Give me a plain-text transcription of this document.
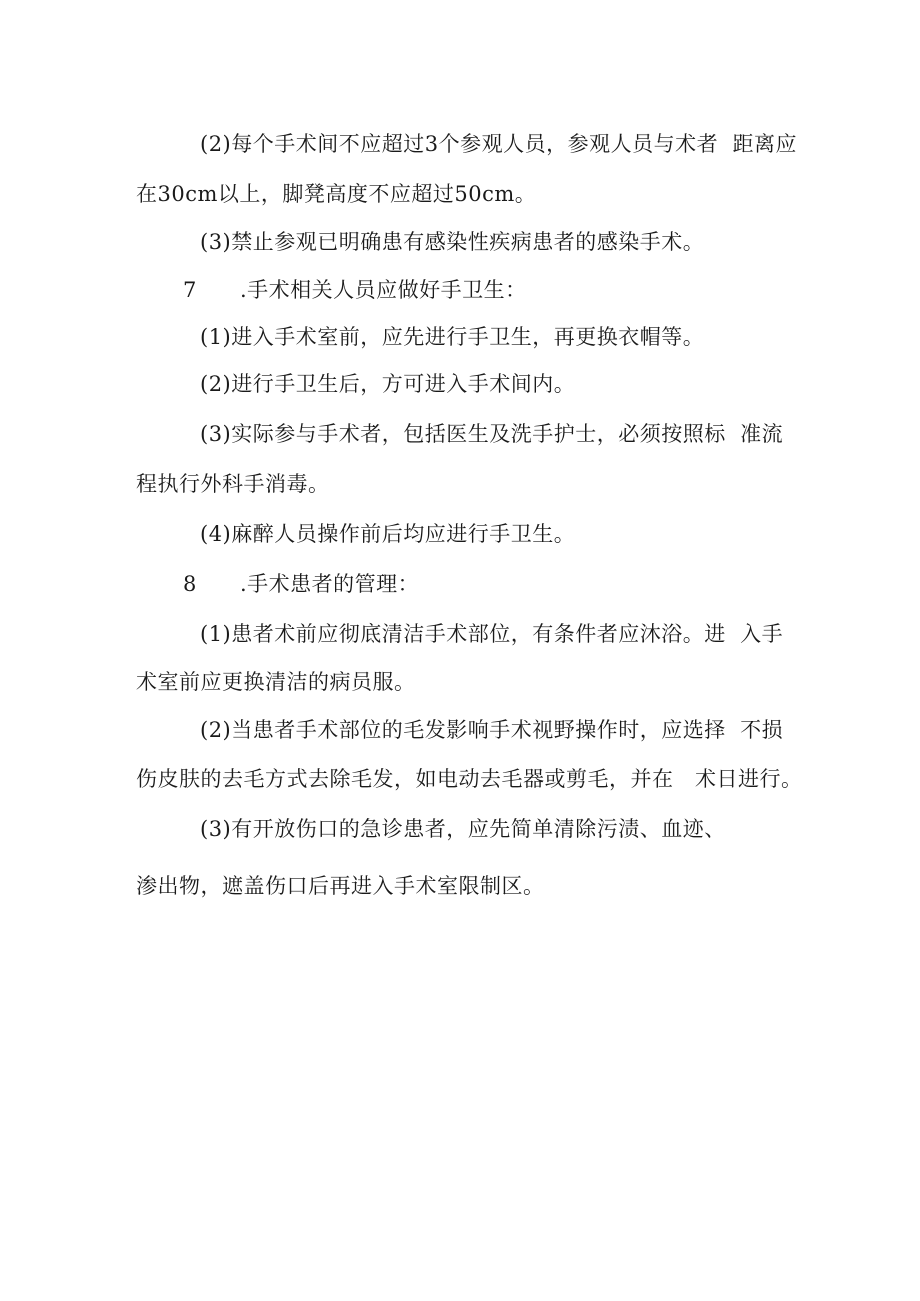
(2)每个手术间不应超过3个参观人员，参观人员与术者  距离应
在30cm以上，脚凳高度不应超过50cm。
(3)禁止参观已明确患有感染性疾病患者的感染手术。
7 .手术相关人员应做好手卫生：
(1)进入手术室前，应先进行手卫生，再更换衣帽等。
(2)进行手卫生后，方可进入手术间内。
(3)实际参与手术者，包括医生及洗手护士，必须按照标  准流
程执行外科手消毒。
(4)麻醉人员操作前后均应进行手卫生。
8 .手术患者的管理：
(1)患者术前应彻底清洁手术部位，有条件者应沐浴。进  入手
术室前应更换清洁的病员服。
(2)当患者手术部位的毛发影响手术视野操作时，应选择  不损
伤皮肤的去毛方式去除毛发，如电动去毛器或剪毛，并在   术日进行。
(3)有开放伤口的急诊患者，应先简单清除污渍、血迹、
渗出物，遮盖伤口后再进入手术室限制区。
